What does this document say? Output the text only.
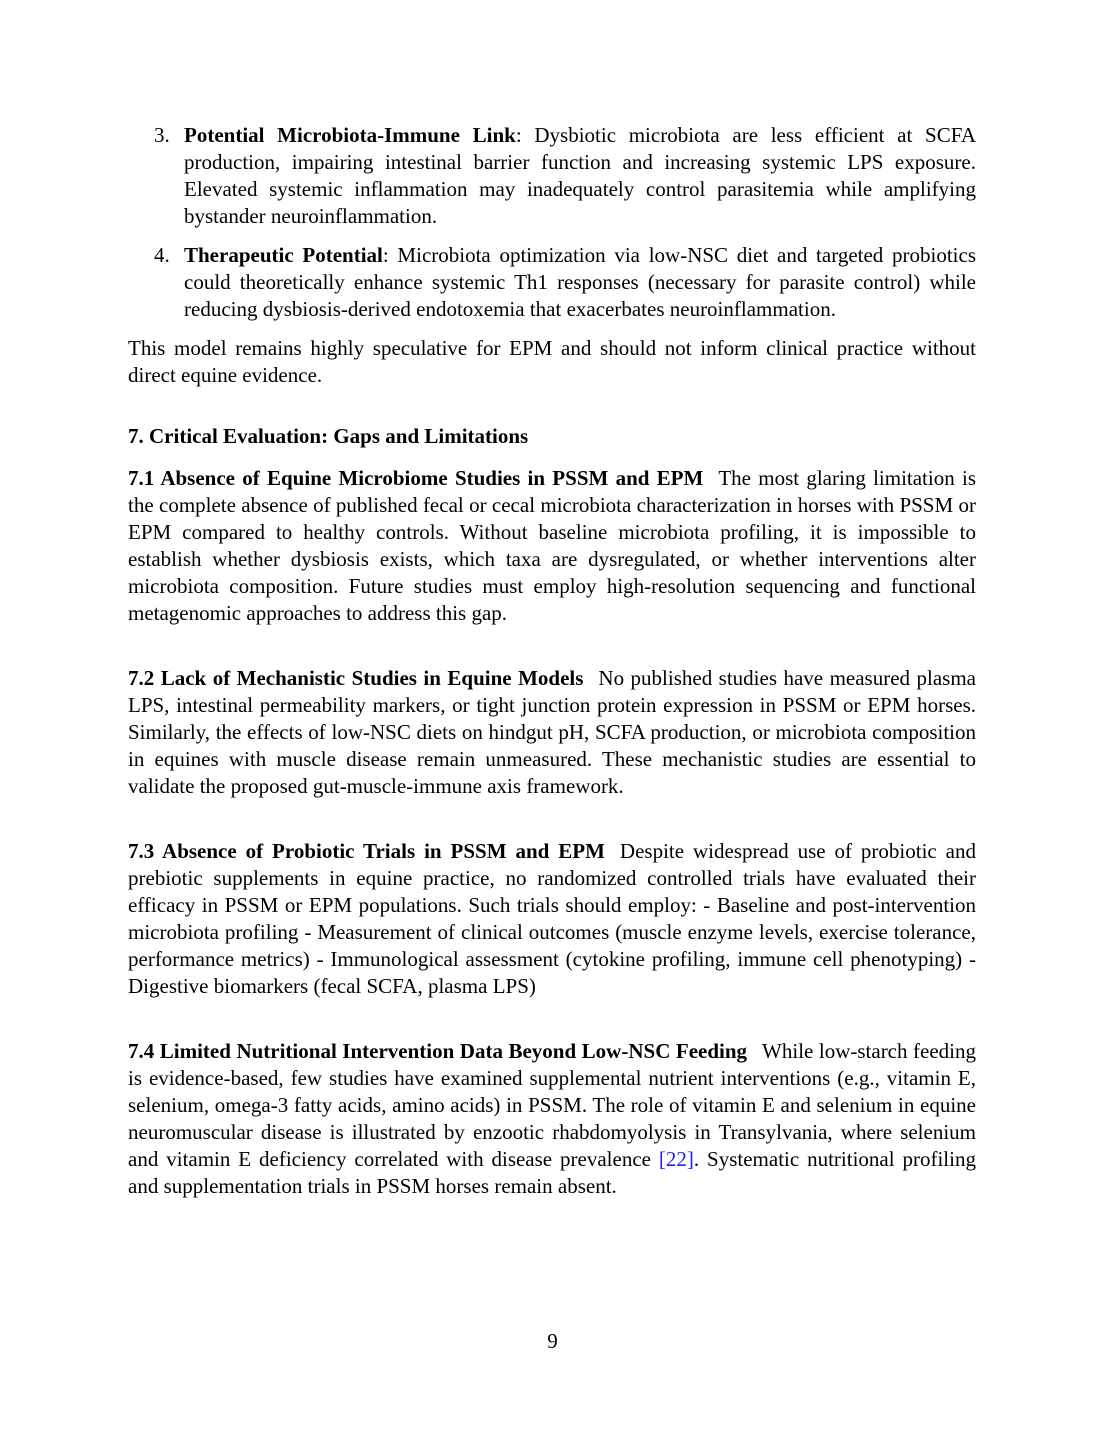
3. Potential Microbiota-Immune Link: Dysbiotic microbiota are less efficient at SCFA production, impairing intestinal barrier function and increasing systemic LPS exposure. Elevated systemic inflammation may inadequately control parasitemia while amplifying bystander neuroinflammation.

4. Therapeutic Potential: Microbiota optimization via low-NSC diet and targeted probiotics could theoretically enhance systemic Th1 responses (necessary for parasite control) while reducing dysbiosis-derived endotoxemia that exacerbates neuroinflammation.

This model remains highly speculative for EPM and should not inform clinical practice without direct equine evidence.

7. Critical Evaluation: Gaps and Limitations

7.1 Absence of Equine Microbiome Studies in PSSM and EPM The most glaring limitation is the complete absence of published fecal or cecal microbiota characterization in horses with PSSM or EPM compared to healthy controls. Without baseline microbiota profiling, it is impossible to establish whether dysbiosis exists, which taxa are dysregulated, or whether interventions alter microbiota composition. Future studies must employ high-resolution sequencing and functional metagenomic approaches to address this gap.

7.2 Lack of Mechanistic Studies in Equine Models No published studies have measured plasma LPS, intestinal permeability markers, or tight junction protein expression in PSSM or EPM horses. Similarly, the effects of low-NSC diets on hindgut pH, SCFA production, or microbiota composition in equines with muscle disease remain unmeasured. These mechanistic studies are essential to validate the proposed gut-muscle-immune axis framework.

7.3 Absence of Probiotic Trials in PSSM and EPM Despite widespread use of probiotic and prebiotic supplements in equine practice, no randomized controlled trials have evaluated their efficacy in PSSM or EPM populations. Such trials should employ: - Baseline and post-intervention microbiota profiling - Measurement of clinical outcomes (muscle enzyme levels, exercise tolerance, performance metrics) - Immunological assessment (cytokine profiling, immune cell phenotyping) - Digestive biomarkers (fecal SCFA, plasma LPS)

7.4 Limited Nutritional Intervention Data Beyond Low-NSC Feeding While low-starch feeding is evidence-based, few studies have examined supplemental nutrient interventions (e.g., vitamin E, selenium, omega-3 fatty acids, amino acids) in PSSM. The role of vitamin E and selenium in equine neuromuscular disease is illustrated by enzootic rhabdomyolysis in Transylvania, where selenium and vitamin E deficiency correlated with disease prevalence [22]. Systematic nutritional profiling and supplementation trials in PSSM horses remain absent.

9
